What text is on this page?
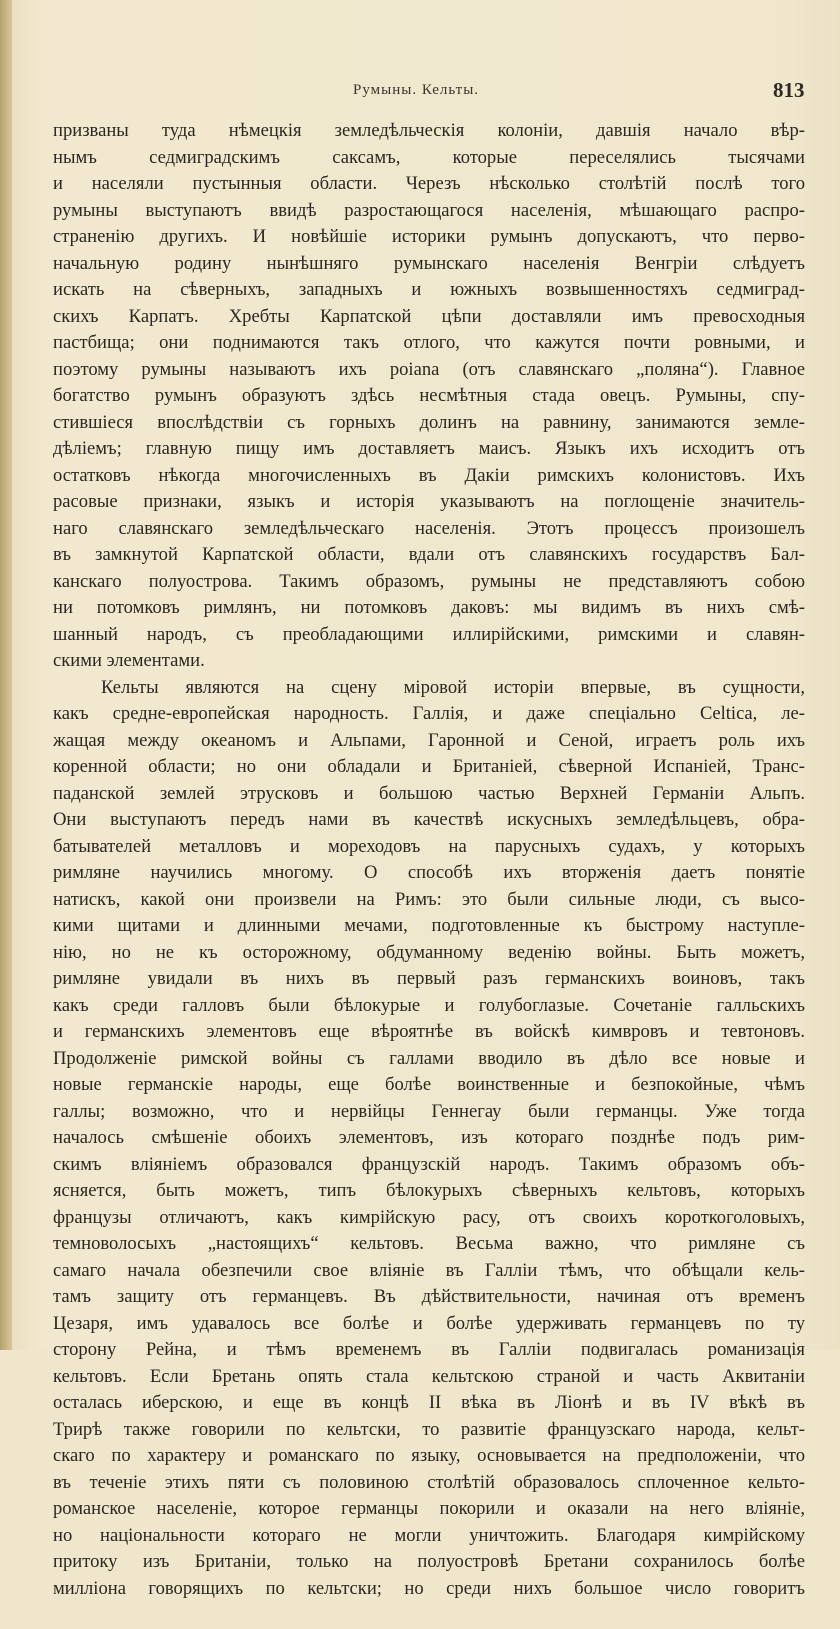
Румыны. Кельты.	813
призваны туда нѣмецкія земледѣльческія колоніи, давшія начало вѣр-
нымъ седмиградскимъ саксамъ, которые переселялись тысячами
и населяли пустынныя области. Черезъ нѣсколько столѣтій послѣ того
румыны выступаютъ ввидѣ разростающагося населенія, мѣшающаго распро-
страненію другихъ. И новѣйшіе историки румынъ допускаютъ, что перво-
начальную родину нынѣшняго румынскаго населенія Венгріи слѣдуетъ
искать на сѣверныхъ, западныхъ и южныхъ возвышенностяхъ седмиград-
скихъ Карпатъ. Хребты Карпатской цѣпи доставляли имъ превосходныя
пастбища; они поднимаются такъ отлого, что кажутся почти ровными, и
поэтому румыны называютъ ихъ poiana (отъ славянскаго „поляна“). Главное
богатство румынъ образуютъ здѣсь несмѣтныя стада овецъ. Румыны, спу-
стившіеся впослѣдствіи съ горныхъ долинъ на равнину, занимаются земле-
дѣліемъ; главную пищу имъ доставляетъ маисъ. Языкъ ихъ исходитъ отъ
остатковъ нѣкогда многочисленныхъ въ Дакіи римскихъ колонистовъ. Ихъ
расовые признаки, языкъ и исторія указываютъ на поглощеніе значитель-
наго славянскаго земледѣльческаго населенія. Этотъ процессъ произошелъ
въ замкнутой Карпатской области, вдали отъ славянскихъ государствъ Бал-
канскаго полуострова. Такимъ образомъ, румыны не представляютъ собою
ни потомковъ римлянъ, ни потомковъ даковъ: мы видимъ въ нихъ смѣ-
шанный народъ, съ преобладающими иллирійскими, римскими и славян-
скими элементами.
Кельты являются на сцену міровой исторіи впервые, въ сущности,
какъ средне-европейская народность. Галлія, и даже спеціально Celtica, ле-
жащая между океаномъ и Альпами, Гаронной и Сеной, играетъ роль ихъ
коренной области; но они обладали и Британіей, сѣверной Испаніей, Транс-
паданской землей этрусковъ и большою частью Верхней Германіи Альпъ.
Они выступаютъ передъ нами въ качествѣ искусныхъ земледѣльцевъ, обра-
батывателей металловъ и мореходовъ на парусныхъ судахъ, у которыхъ
римляне научились многому. О способѣ ихъ вторженія даетъ понятіе
натискъ, какой они произвели на Римъ: это были сильные люди, съ высо-
кими щитами и длинными мечами, подготовленные къ быстрому наступле-
нію, но не къ осторожному, обдуманному веденію войны. Быть можетъ,
римляне увидали въ нихъ въ первый разъ германскихъ воиновъ, такъ
какъ среди галловъ были бѣлокурые и голубоглазые. Сочетаніе галльскихъ
и германскихъ элементовъ еще вѣроятнѣе въ войскѣ кимвровъ и тевтоновъ.
Продолженіе римской войны съ галлами вводило въ дѣло все новые и
новые германскіе народы, еще болѣе воинственные и безпокойные, чѣмъ
галлы; возможно, что и нервійцы Геннегау были германцы. Уже тогда
началось смѣшеніе обоихъ элементовъ, изъ котораго позднѣе подъ рим-
скимъ вліяніемъ образовался французскій народъ. Такимъ образомъ объ-
ясняется, быть можетъ, типъ бѣлокурыхъ сѣверныхъ кельтовъ, которыхъ
французы отличаютъ, какъ кимрійскую расу, отъ своихъ короткоголовыхъ,
темноволосыхъ „настоящихъ“ кельтовъ. Весьма важно, что римляне съ
самаго начала обезпечили свое вліяніе въ Галліи тѣмъ, что обѣщали кель-
тамъ защиту отъ германцевъ. Въ дѣйствительности, начиная отъ временъ
Цезаря, имъ удавалось все болѣе и болѣе удерживать германцевъ по ту
сторону Рейна, и тѣмъ временемъ въ Галліи подвигалась романизація
кельтовъ. Если Бретань опять стала кельтскою страной и часть Аквитаніи
осталась иберскою, и еще въ концѣ II вѣка въ Ліонѣ и въ IV вѣкѣ въ
Трирѣ также говорили по кельтски, то развитіе французскаго народа, кельт-
скаго по характеру и романскаго по языку, основывается на предположеніи, что
въ теченіе этихъ пяти съ половиною столѣтій образовалось сплоченное кельто-
романское населеніе, которое германцы покорили и оказали на него вліяніе,
но національности котораго не могли уничтожить. Благодаря кимрійскому
притоку изъ Британіи, только на полуостровѣ Бретани сохранилось болѣе
милліона говорящихъ по кельтски; но среди нихъ большое число говоритъ
